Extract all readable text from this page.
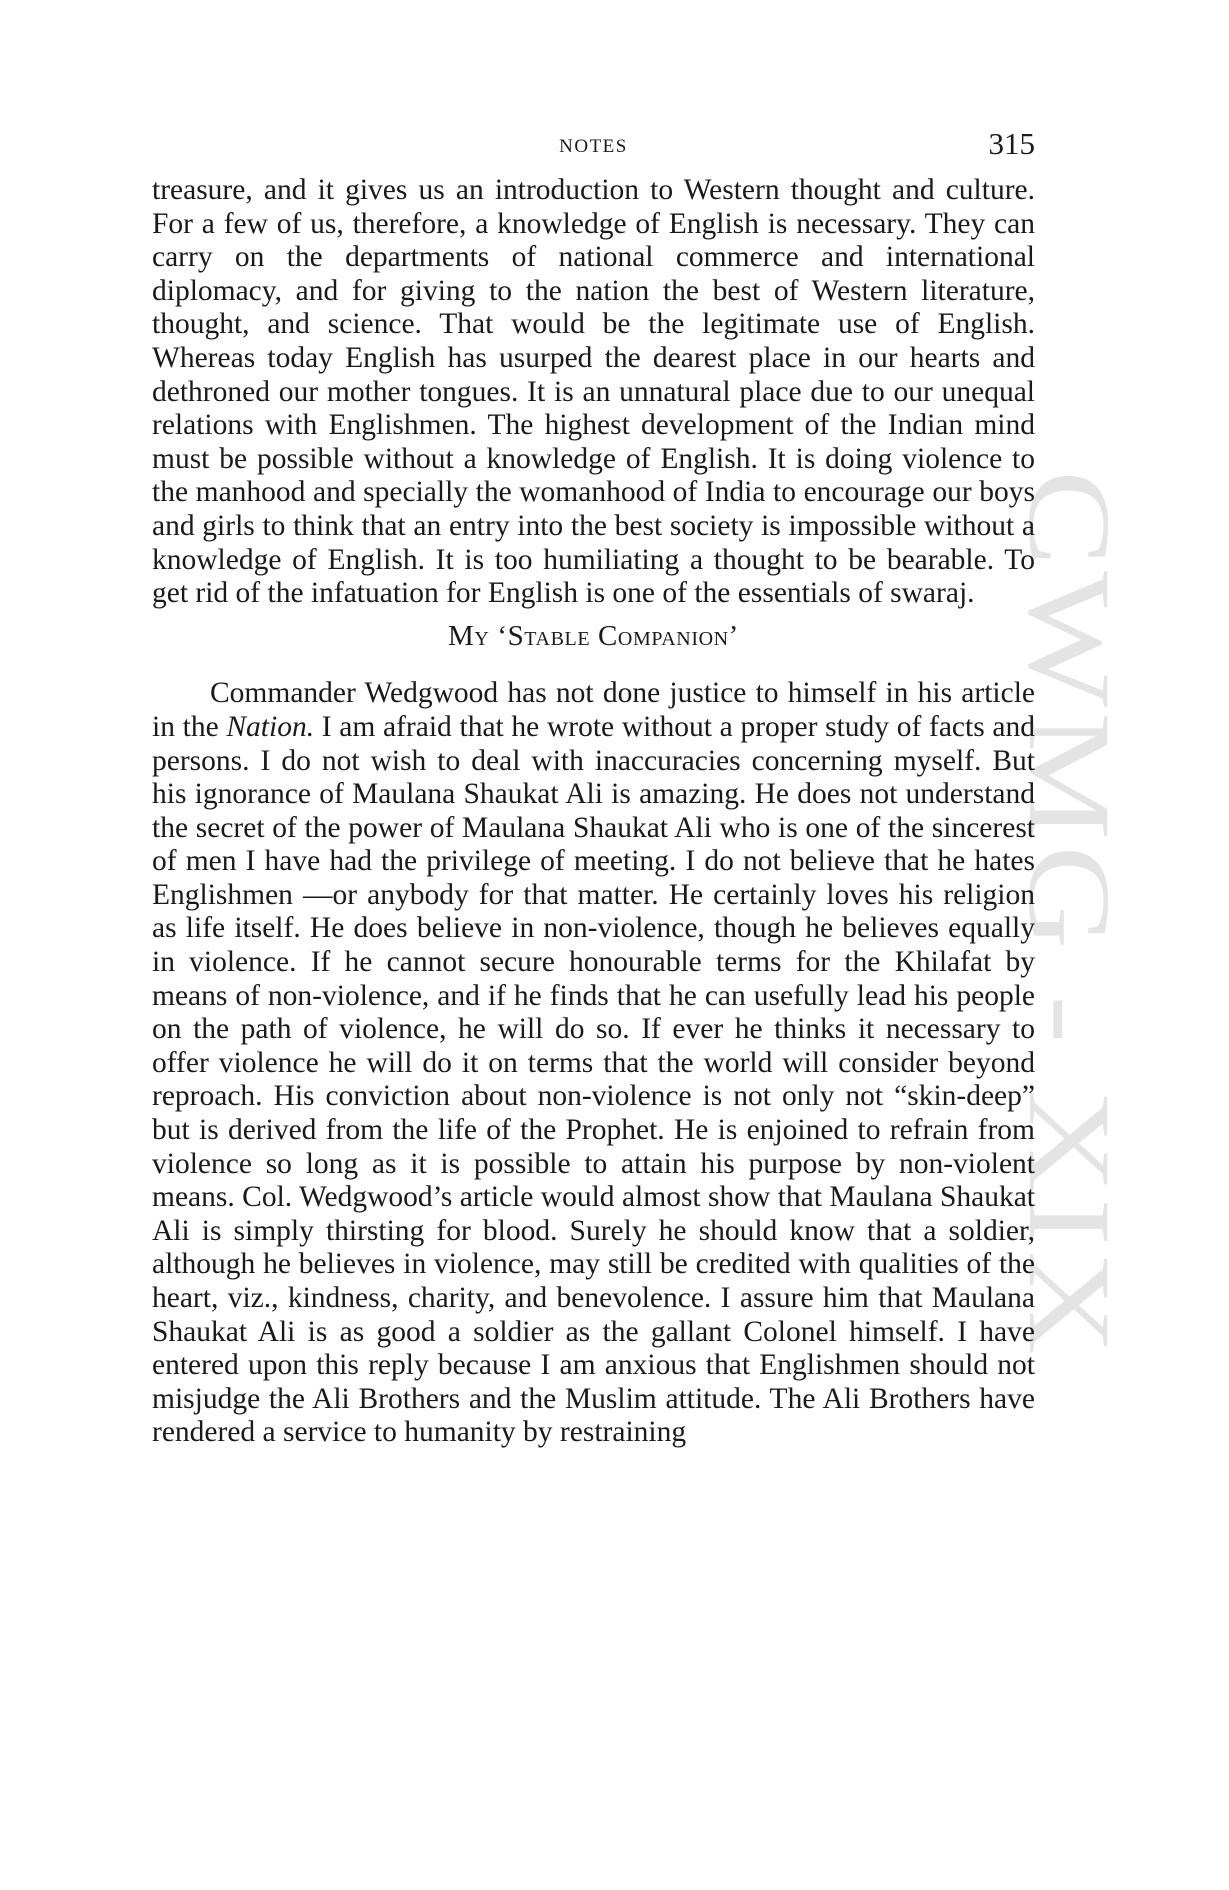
CWMG - XIX
NOTES	315

treasure, and it gives us an introduction to Western thought and culture. For a few of us, therefore, a knowledge of English is necessary. They can carry on the departments of national commerce and international diplomacy, and for giving to the nation the best of Western literature, thought, and science. That would be the legitimate use of English. Whereas today English has usurped the dearest place in our hearts and dethroned our mother tongues. It is an unnatural place due to our unequal relations with Englishmen. The highest development of the Indian mind must be possible without a knowledge of English. It is doing violence to the manhood and specially the womanhood of India to encourage our boys and girls to think that an entry into the best society is impossible without a knowledge of English. It is too humiliating a thought to be bearable. To get rid of the infatuation for English is one of the essentials of swaraj.

My ‘Stable Companion’

Commander Wedgwood has not done justice to himself in his article in the Nation. I am afraid that he wrote without a proper study of facts and persons. I do not wish to deal with inaccuracies concerning myself. But his ignorance of Maulana Shaukat Ali is amazing. He does not understand the secret of the power of Maulana Shaukat Ali who is one of the sincerest of men I have had the privilege of meeting. I do not believe that he hates Englishmen —or anybody for that matter. He certainly loves his religion as life itself. He does believe in non-violence, though he believes equally in violence. If he cannot secure honourable terms for the Khilafat by means of non-violence, and if he finds that he can usefully lead his people on the path of violence, he will do so. If ever he thinks it necessary to offer violence he will do it on terms that the world will consider beyond reproach. His conviction about non-violence is not only not “skin-deep” but is derived from the life of the Prophet. He is enjoined to refrain from violence so long as it is possible to attain his purpose by non-violent means. Col. Wedgwood’s article would almost show that Maulana Shaukat Ali is simply thirsting for blood. Surely he should know that a soldier, although he believes in violence, may still be credited with qualities of the heart, viz., kindness, charity, and benevolence. I assure him that Maulana Shaukat Ali is as good a soldier as the gallant Colonel himself. I have entered upon this reply because I am anxious that Englishmen should not misjudge the Ali Brothers and the Muslim attitude. The Ali Brothers have rendered a service to humanity by restraining
